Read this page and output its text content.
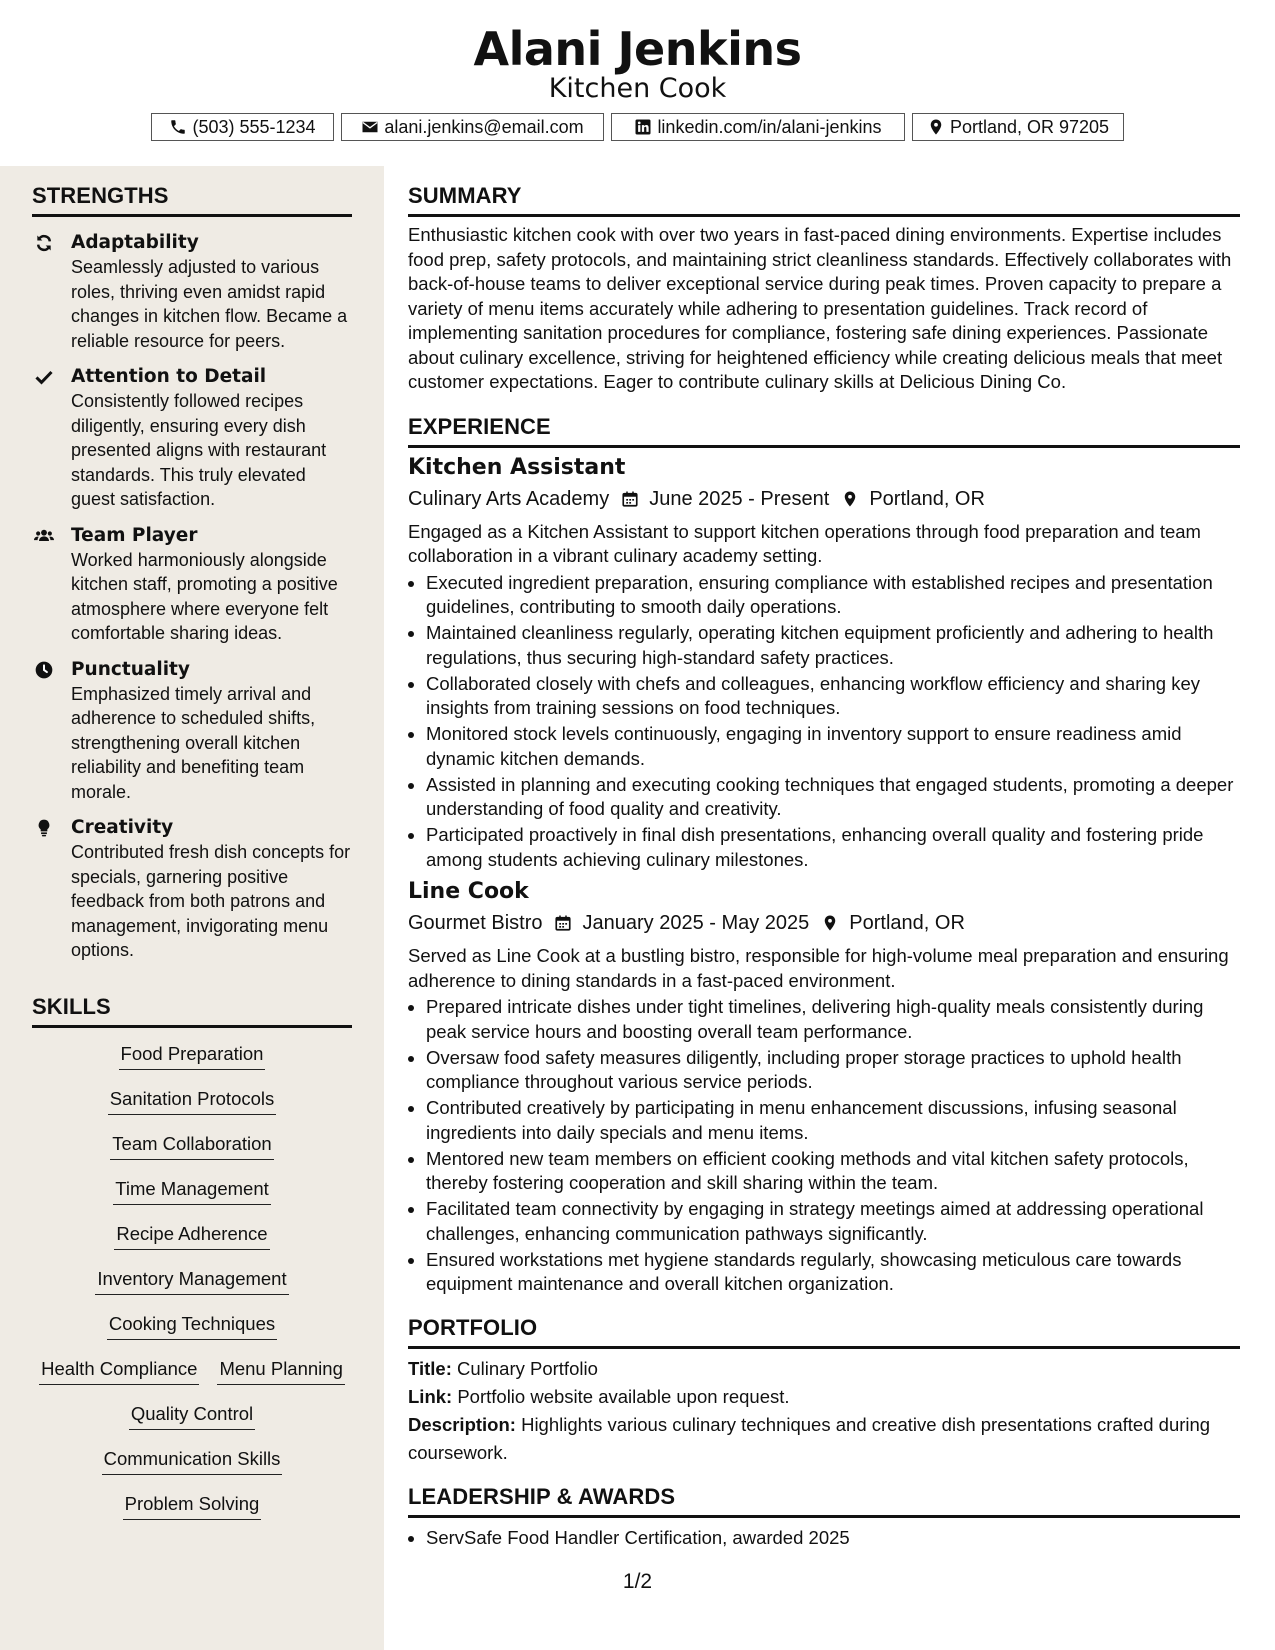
Alani Jenkins
Kitchen Cook
(503) 555-1234	alani.jenkins@email.com	linkedin.com/in/alani-jenkins	Portland, OR 97205
STRENGTHS
Adaptability
Seamlessly adjusted to various roles, thriving even amidst rapid changes in kitchen flow. Became a reliable resource for peers.
Attention to Detail
Consistently followed recipes diligently, ensuring every dish presented aligns with restaurant standards. This truly elevated guest satisfaction.
Team Player
Worked harmoniously alongside kitchen staff, promoting a positive atmosphere where everyone felt comfortable sharing ideas.
Punctuality
Emphasized timely arrival and adherence to scheduled shifts, strengthening overall kitchen reliability and benefiting team morale.
Creativity
Contributed fresh dish concepts for specials, garnering positive feedback from both patrons and management, invigorating menu options.
SKILLS
Food Preparation
Sanitation Protocols
Team Collaboration
Time Management
Recipe Adherence
Inventory Management
Cooking Techniques
Health Compliance Menu Planning
Quality Control
Communication Skills
Problem Solving
SUMMARY
Enthusiastic kitchen cook with over two years in fast-paced dining environments. Expertise includes food prep, safety protocols, and maintaining strict cleanliness standards. Effectively collaborates with back-of-house teams to deliver exceptional service during peak times. Proven capacity to prepare a variety of menu items accurately while adhering to presentation guidelines. Track record of implementing sanitation procedures for compliance, fostering safe dining experiences. Passionate about culinary excellence, striving for heightened efficiency while creating delicious meals that meet customer expectations. Eager to contribute culinary skills at Delicious Dining Co.
EXPERIENCE
Kitchen Assistant
Culinary Arts Academy June 2025 - Present Portland, OR
Engaged as a Kitchen Assistant to support kitchen operations through food preparation and team collaboration in a vibrant culinary academy setting.
• Executed ingredient preparation, ensuring compliance with established recipes and presentation guidelines, contributing to smooth daily operations.
• Maintained cleanliness regularly, operating kitchen equipment proficiently and adhering to health regulations, thus securing high-standard safety practices.
• Collaborated closely with chefs and colleagues, enhancing workflow efficiency and sharing key insights from training sessions on food techniques.
• Monitored stock levels continuously, engaging in inventory support to ensure readiness amid dynamic kitchen demands.
• Assisted in planning and executing cooking techniques that engaged students, promoting a deeper understanding of food quality and creativity.
• Participated proactively in final dish presentations, enhancing overall quality and fostering pride among students achieving culinary milestones.
Line Cook
Gourmet Bistro January 2025 - May 2025 Portland, OR
Served as Line Cook at a bustling bistro, responsible for high-volume meal preparation and ensuring adherence to dining standards in a fast-paced environment.
• Prepared intricate dishes under tight timelines, delivering high-quality meals consistently during peak service hours and boosting overall team performance.
• Oversaw food safety measures diligently, including proper storage practices to uphold health compliance throughout various service periods.
• Contributed creatively by participating in menu enhancement discussions, infusing seasonal ingredients into daily specials and menu items.
• Mentored new team members on efficient cooking methods and vital kitchen safety protocols, thereby fostering cooperation and skill sharing within the team.
• Facilitated team connectivity by engaging in strategy meetings aimed at addressing operational challenges, enhancing communication pathways significantly.
• Ensured workstations met hygiene standards regularly, showcasing meticulous care towards equipment maintenance and overall kitchen organization.
PORTFOLIO
Title: Culinary Portfolio
Link: Portfolio website available upon request.
Description: Highlights various culinary techniques and creative dish presentations crafted during coursework.
LEADERSHIP & AWARDS
• ServSafe Food Handler Certification, awarded 2025
1/2
